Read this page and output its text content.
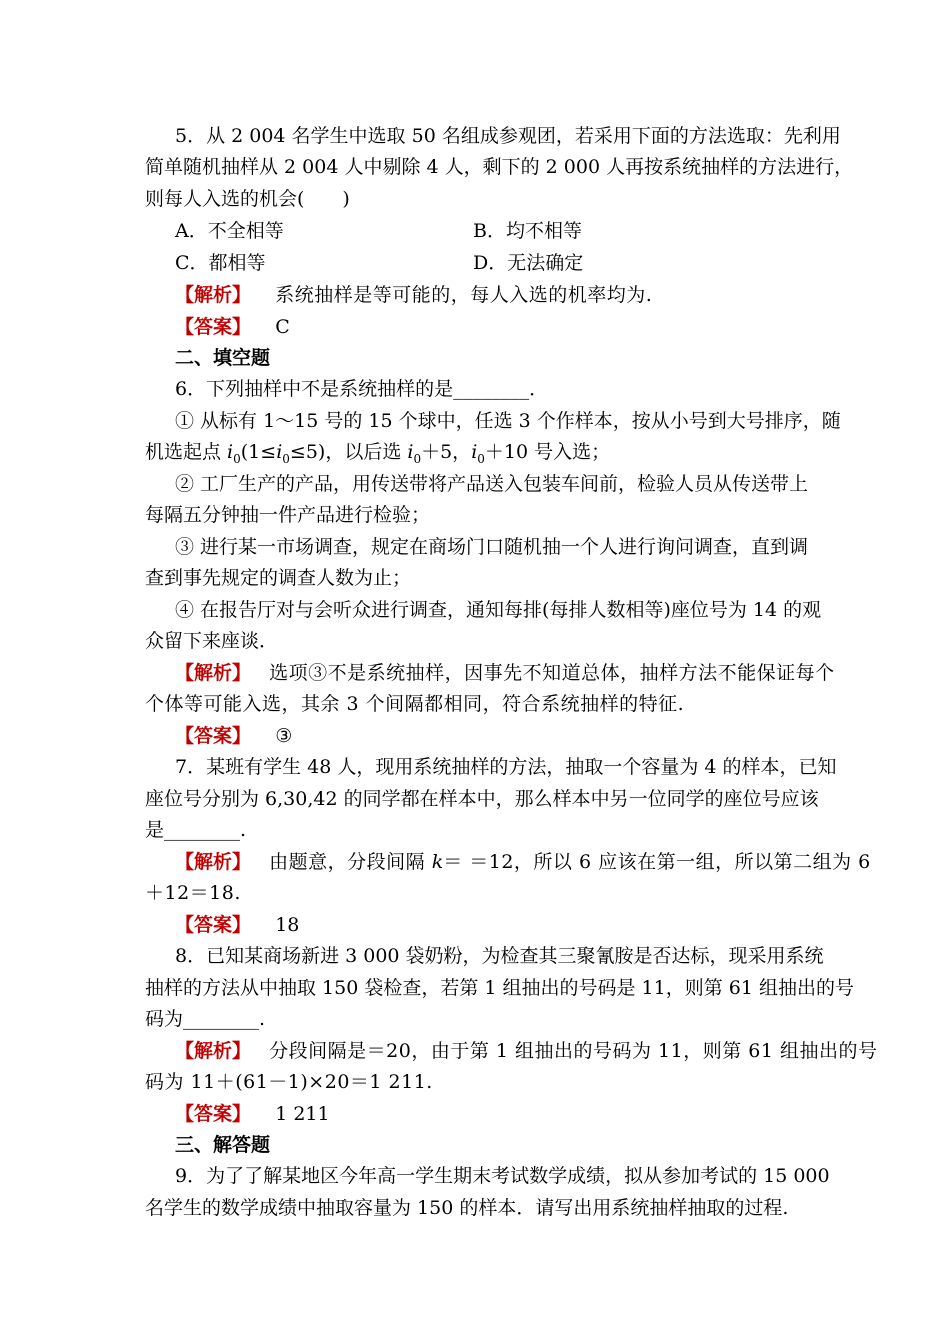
5．从 2 004 名学生中选取 50 名组成参观团，若采用下面的方法选取：先利用
简单随机抽样从 2 004 人中剔除 4 人，剩下的 2 000 人再按系统抽样的方法进行，
则每人入选的机会(　　)
A．不全相等	B．均不相等
C．都相等	D．无法确定
【解析】 系统抽样是等可能的，每人入选的机率均为.
【答案】 C
二、填空题
6．下列抽样中不是系统抽样的是________．
① 从标有 1～15 号的 15 个球中，任选 3 个作样本，按从小号到大号排序，随
机选起点 $i_0(1\le i_0\le 5)$，以后选 $i_0+5$，$i_0+10$ 号入选；
② 工厂生产的产品，用传送带将产品送入包装车间前，检验人员从传送带上
每隔五分钟抽一件产品进行检验；
③ 进行某一市场调查，规定在商场门口随机抽一个人进行询问调查，直到调
查到事先规定的调查人数为止；
④ 在报告厅对与会听众进行调查，通知每排(每排人数相等)座位号为 14 的观
众留下来座谈．
【解析】 选项③不是系统抽样，因事先不知道总体，抽样方法不能保证每个
个体等可能入选，其余 3 个间隔都相同，符合系统抽样的特征.
【答案】 ③
7．某班有学生 48 人，现用系统抽样的方法，抽取一个容量为 4 的样本，已知
座位号分别为 6,30,42 的同学都在样本中，那么样本中另一位同学的座位号应该
是________.
【解析】 由题意，分段间隔 k＝ ＝12，所以 6 应该在第一组，所以第二组为 6
＋12＝18.
【答案】 18
8．已知某商场新进 3 000 袋奶粉，为检查其三聚氰胺是否达标，现采用系统
抽样的方法从中抽取 150 袋检查，若第 1 组抽出的号码是 11，则第 61 组抽出的号
码为________.
【解析】 分段间隔是＝20，由于第 1 组抽出的号码为 11，则第 61 组抽出的号
码为 11＋(61－1)×20＝1 211.
【答案】 1 211
三、解答题
9．为了了解某地区今年高一学生期末考试数学成绩，拟从参加考试的 15 000
名学生的数学成绩中抽取容量为 150 的样本．请写出用系统抽样抽取的过程.
